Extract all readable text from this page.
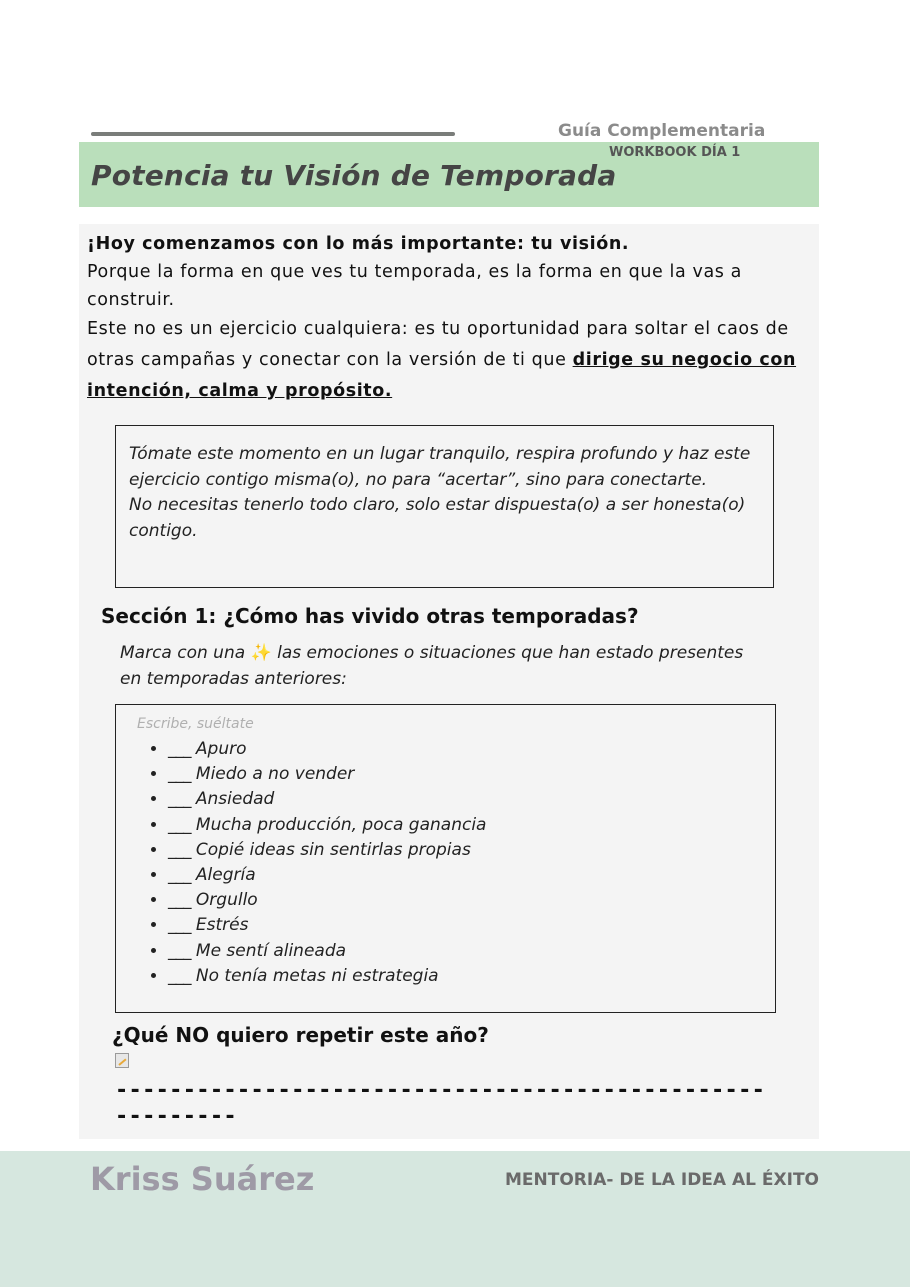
Guía Complementaria
Potencia tu Visión de Temporada
WORKBOOK DÍA 1

¡Hoy comenzamos con lo más importante: tu visión.

Porque la forma en que ves tu temporada, es la forma en que la vas a construir.

Este no es un ejercicio cualquiera: es tu oportunidad para soltar el caos de otras campañas y conectar con la versión de ti que dirige su negocio con intención, calma y propósito.

Tómate este momento en un lugar tranquilo, respira profundo y haz este ejercicio contigo misma(o), no para “acertar”, sino para conectarte.

No necesitas tenerlo todo claro, solo estar dispuesta(o) a ser honesta(o) contigo.

Sección 1: ¿Cómo has vivido otras temporadas?
Marca con una ✨ las emociones o situaciones que han estado presentes en temporadas anteriores:
Escribe, suéltate
• ___ Apuro
• ___ Miedo a no vender
• ___ Ansiedad
• ___ Mucha producción, poca ganancia
• ___ Copié ideas sin sentirlas propias
• ___ Alegría
• ___ Orgullo
• ___ Estrés
• ___ Me sentí alineada
• ___ No tenía metas ni estrategia
¿Qué NO quiero repetir este año?
---------------------------------------------------------
Kriss Suárez	MENTORIA- DE LA IDEA AL ÉXITO
